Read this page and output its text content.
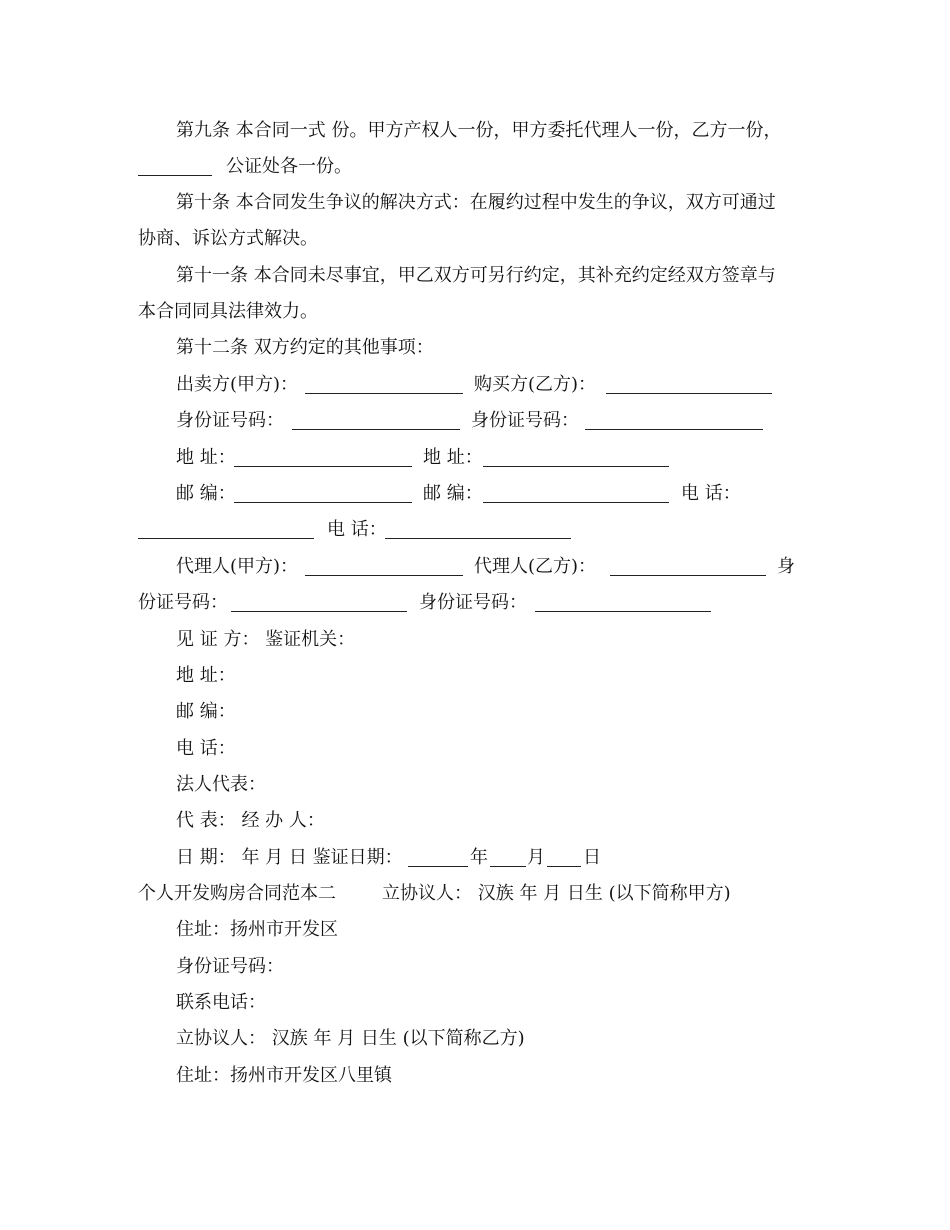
第九条 本合同一式 份。甲方产权人一份，甲方委托代理人一份，乙方一份，
公证处各一份。
第十条 本合同发生争议的解决方式：在履约过程中发生的争议，双方可通过
协商、诉讼方式解决。
第十一条 本合同未尽事宜，甲乙双方可另行约定，其补充约定经双方签章与
本合同同具法律效力。
第十二条 双方约定的其他事项：
出卖方(甲方)：	购买方(乙方)：
身份证号码：	身份证号码：
地 址：	地 址：
邮 编：	邮 编：	电 话：
电 话：
代理人(甲方)：	代理人(乙方)：	身
份证号码：	身份证号码：
见 证 方： 鉴证机关：
地 址：
邮 编：
电 话：
法人代表：
代 表： 经 办 人：
日 期： 年 月 日 鉴证日期：	年 月 日
个人开发购房合同范本二	立协议人： 汉族 年 月 日生 (以下简称甲方)
住址：扬州市开发区
身份证号码：
联系电话：
立协议人： 汉族 年 月 日生 (以下简称乙方)
住址：扬州市开发区八里镇
